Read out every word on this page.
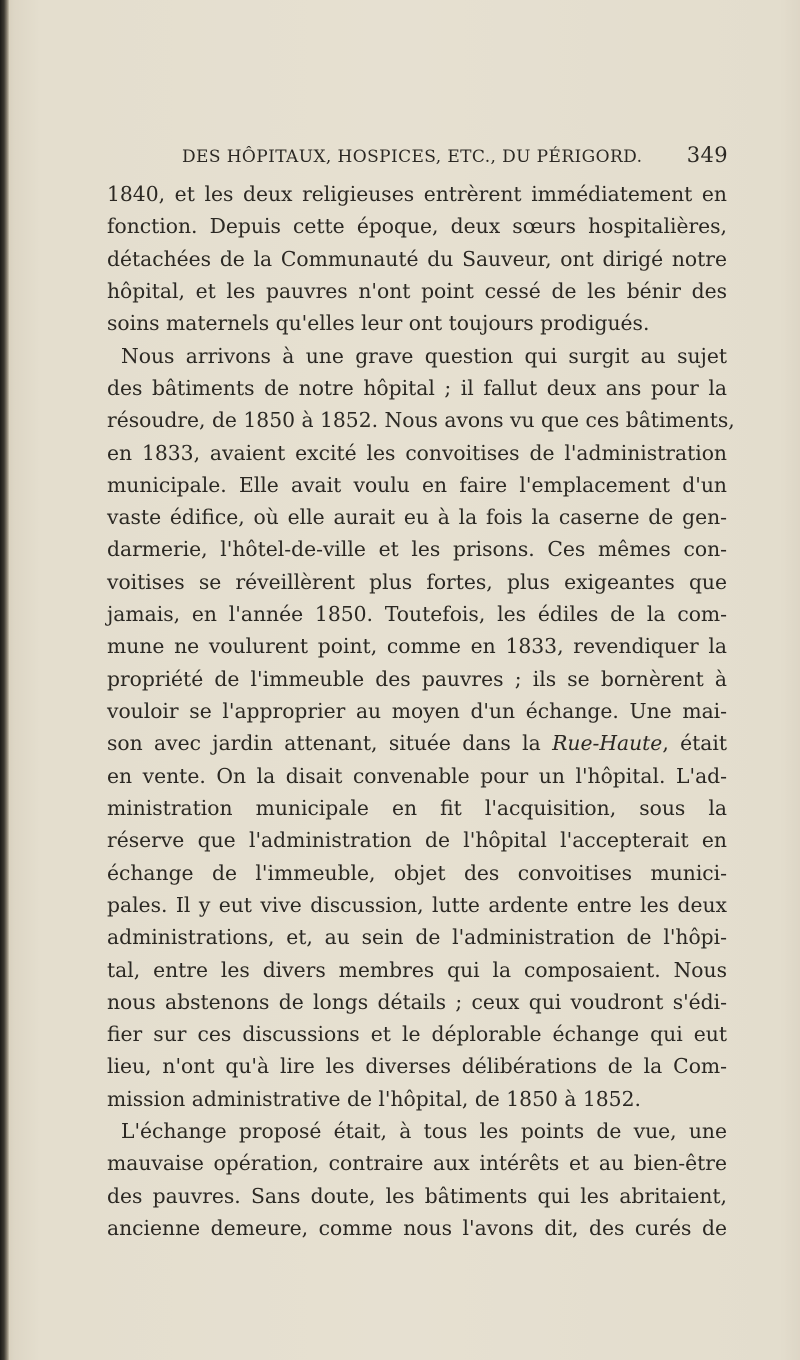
DES HÔPITAUX, HOSPICES, ETC., DU PÉRIGORD. 349
1840, et les deux religieuses entrèrent immédiatement en
fonction. Depuis cette époque, deux sœurs hospitalières,
détachées de la Communauté du Sauveur, ont dirigé notre
hôpital, et les pauvres n'ont point cessé de les bénir des
soins maternels qu'elles leur ont toujours prodigués.
Nous arrivons à une grave question qui surgit au sujet
des bâtiments de notre hôpital ; il fallut deux ans pour la
résoudre, de 1850 à 1852. Nous avons vu que ces bâtiments,
en 1833, avaient excité les convoitises de l'administration
municipale. Elle avait voulu en faire l'emplacement d'un
vaste édifice, où elle aurait eu à la fois la caserne de gen-
darmerie, l'hôtel-de-ville et les prisons. Ces mêmes con-
voitises se réveillèrent plus fortes, plus exigeantes que
jamais, en l'année 1850. Toutefois, les édiles de la com-
mune ne voulurent point, comme en 1833, revendiquer la
propriété de l'immeuble des pauvres ; ils se bornèrent à
vouloir se l'approprier au moyen d'un échange. Une mai-
son avec jardin attenant, située dans la Rue-Haute, était
en vente. On la disait convenable pour un l'hôpital. L'ad-
ministration municipale en fit l'acquisition, sous la
réserve que l'administration de l'hôpital l'accepterait en
échange de l'immeuble, objet des convoitises munici-
pales. Il y eut vive discussion, lutte ardente entre les deux
administrations, et, au sein de l'administration de l'hôpi-
tal, entre les divers membres qui la composaient. Nous
nous abstenons de longs détails ; ceux qui voudront s'édi-
fier sur ces discussions et le déplorable échange qui eut
lieu, n'ont qu'à lire les diverses délibérations de la Com-
mission administrative de l'hôpital, de 1850 à 1852.
L'échange proposé était, à tous les points de vue, une
mauvaise opération, contraire aux intérêts et au bien-être
des pauvres. Sans doute, les bâtiments qui les abritaient,
ancienne demeure, comme nous l'avons dit, des curés de
